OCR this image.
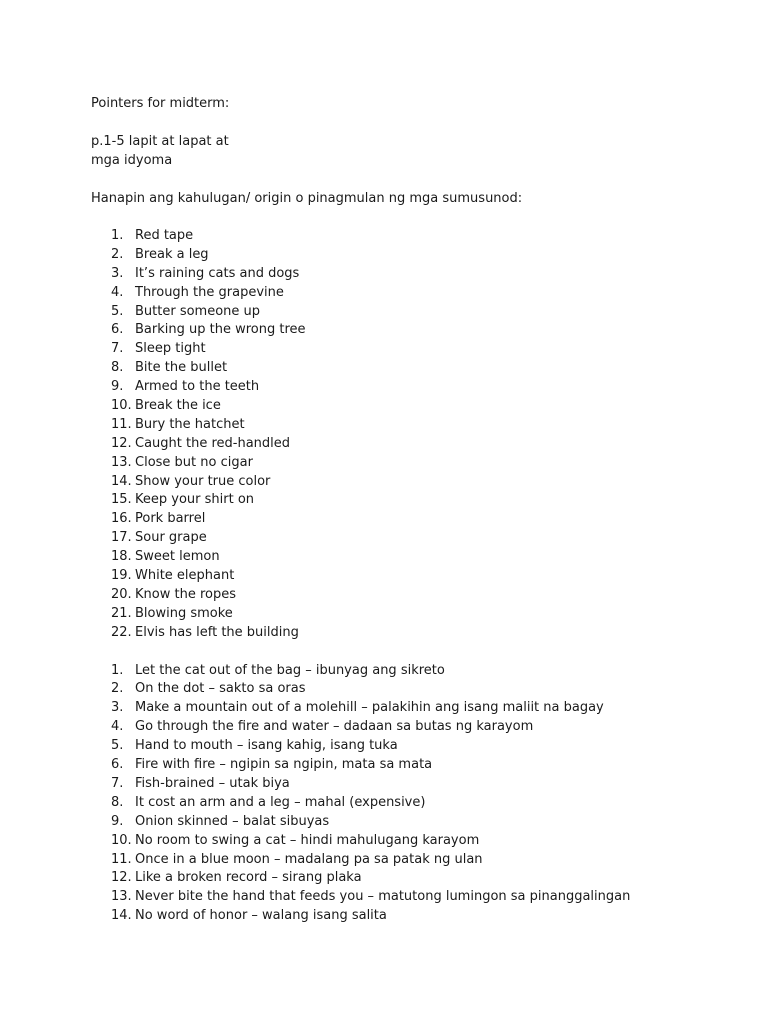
Pointers for midterm:
p.1-5 lapit at lapat at
mga idyoma
Hanapin ang kahulugan/ origin o pinagmulan ng mga sumusunod:
1. Red tape
2. Break a leg
3. It’s raining cats and dogs
4. Through the grapevine
5. Butter someone up
6. Barking up the wrong tree
7. Sleep tight
8. Bite the bullet
9. Armed to the teeth
10. Break the ice
11. Bury the hatchet
12. Caught the red-handled
13. Close but no cigar
14. Show your true color
15. Keep your shirt on
16. Pork barrel
17. Sour grape
18. Sweet lemon
19. White elephant
20. Know the ropes
21. Blowing smoke
22. Elvis has left the building
1. Let the cat out of the bag – ibunyag ang sikreto
2. On the dot – sakto sa oras
3. Make a mountain out of a molehill – palakihin ang isang maliit na bagay
4. Go through the fire and water – dadaan sa butas ng karayom
5. Hand to mouth – isang kahig, isang tuka
6. Fire with fire – ngipin sa ngipin, mata sa mata
7. Fish-brained – utak biya
8. It cost an arm and a leg – mahal (expensive)
9. Onion skinned – balat sibuyas
10. No room to swing a cat – hindi mahulugang karayom
11. Once in a blue moon – madalang pa sa patak ng ulan
12. Like a broken record – sirang plaka
13. Never bite the hand that feeds you – matutong lumingon sa pinanggalingan
14. No word of honor – walang isang salita
